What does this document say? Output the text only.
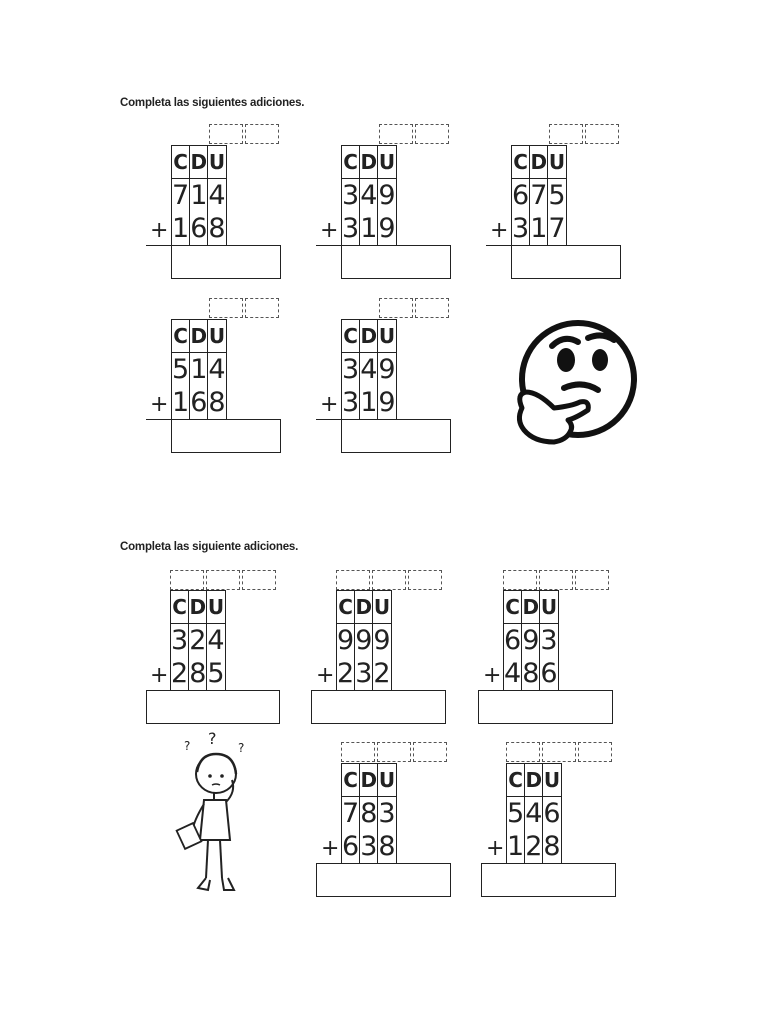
Completa las siguientes adiciones.
Completa las siguiente adiciones.
C	D	U
7	1	4
1	6	8
+
C	D	U
3	4	9
3	1	9
+
C	D	U
6	7	5
3	1	7
+
C	D	U
5	1	4
1	6	8
+
C	D	U
3	4	9
3	1	9
+
C	D	U
3	2	4
2	8	5
+
C	D	U
9	9	9
2	3	2
+
C	D	U
6	9	3
4	8	6
+
C	D	U
7	8	3
6	3	8
+
C	D	U
5	4	6
1	2	8
+
? ? ?
